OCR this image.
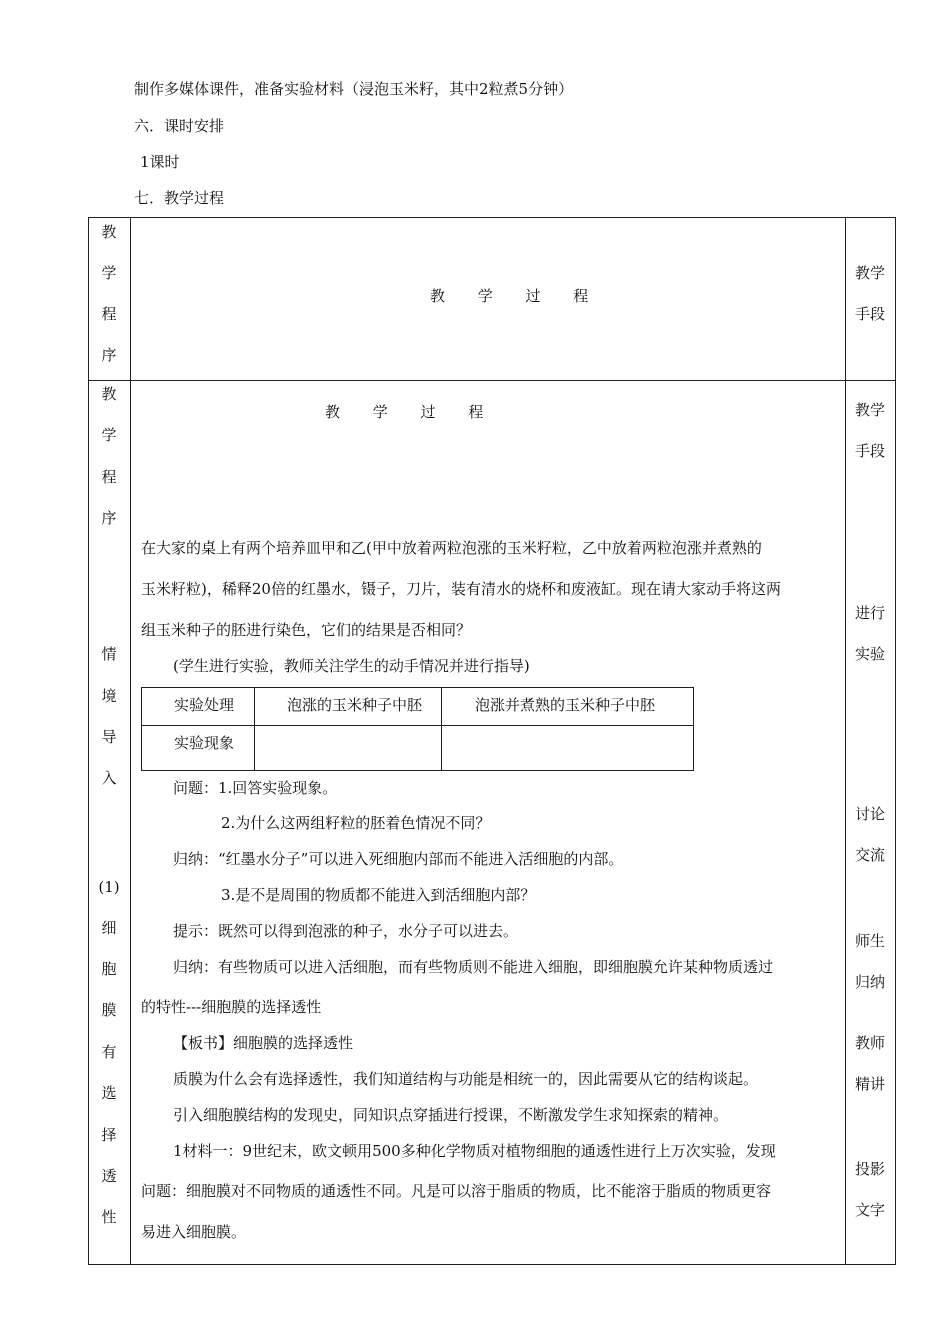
制作多媒体课件，准备实验材料（浸泡玉米籽，其中2粒煮5分钟）
六．课时安排
1课时
七．教学过程
教
学
程
序
教 学 过 程
教学
手段
教
学
程
序
情
境
导
入
(1)
细
胞
膜
有
选
择
透
性
教学
手段
进行
实验
讨论
交流
师生
归纳
教师
精讲
投影
文字
教 学 过 程
在大家的桌上有两个培养皿甲和乙(甲中放着两粒泡涨的玉米籽粒，乙中放着两粒泡涨并煮熟的
玉米籽粒)，稀释20倍的红墨水，镊子，刀片，装有清水的烧杯和废液缸。现在请大家动手将这两
组玉米种子的胚进行染色，它们的结果是否相同？
(学生进行实验，教师关注学生的动手情况并进行指导)
实验处理	泡涨的玉米种子中胚	泡涨并煮熟的玉米种子中胚
实验现象
问题：1.回答实验现象。
2.为什么这两组籽粒的胚着色情况不同？
归纳：“红墨水分子”可以进入死细胞内部而不能进入活细胞的内部。
3.是不是周围的物质都不能进入到活细胞内部？
提示：既然可以得到泡涨的种子，水分子可以进去。
归纳：有些物质可以进入活细胞，而有些物质则不能进入细胞，即细胞膜允许某种物质透过
的特性---细胞膜的选择透性
【板书】细胞膜的选择透性
质膜为什么会有选择透性，我们知道结构与功能是相统一的，因此需要从它的结构谈起。
引入细胞膜结构的发现史，同知识点穿插进行授课，不断激发学生求知探索的精神。
1材料一：9世纪末，欧文顿用500多种化学物质对植物细胞的通透性进行上万次实验，发现
问题：细胞膜对不同物质的通透性不同。凡是可以溶于脂质的物质，比不能溶于脂质的物质更容
易进入细胞膜。
